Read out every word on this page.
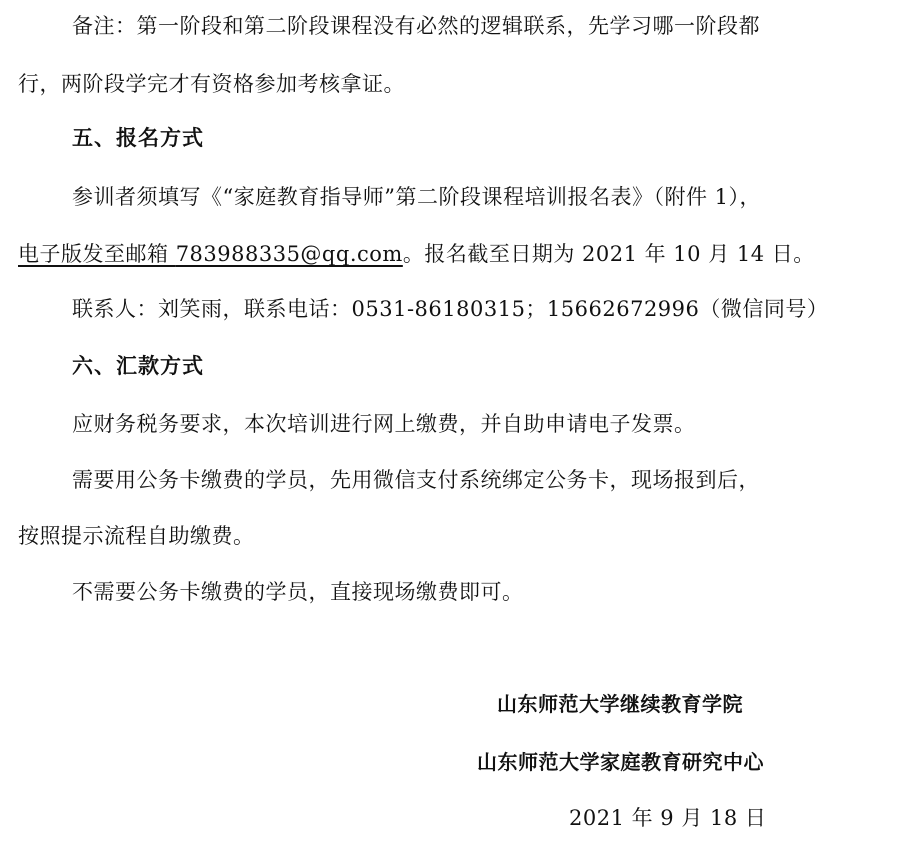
备注：第一阶段和第二阶段课程没有必然的逻辑联系，先学习哪一阶段都
行，两阶段学完才有资格参加考核拿证。
五、报名方式
参训者须填写《“家庭教育指导师”第二阶段课程培训报名表》（附件 1），
电子版发至邮箱 783988335@qq.com。报名截至日期为 2021 年 10 月 14 日。
联系人：刘笑雨，联系电话：0531-86180315；15662672996（微信同号）
六、汇款方式
应财务税务要求，本次培训进行网上缴费，并自助申请电子发票。
需要用公务卡缴费的学员，先用微信支付系统绑定公务卡，现场报到后，
按照提示流程自助缴费。
不需要公务卡缴费的学员，直接现场缴费即可。
山东师范大学继续教育学院
山东师范大学家庭教育研究中心
2021 年 9 月 18 日
